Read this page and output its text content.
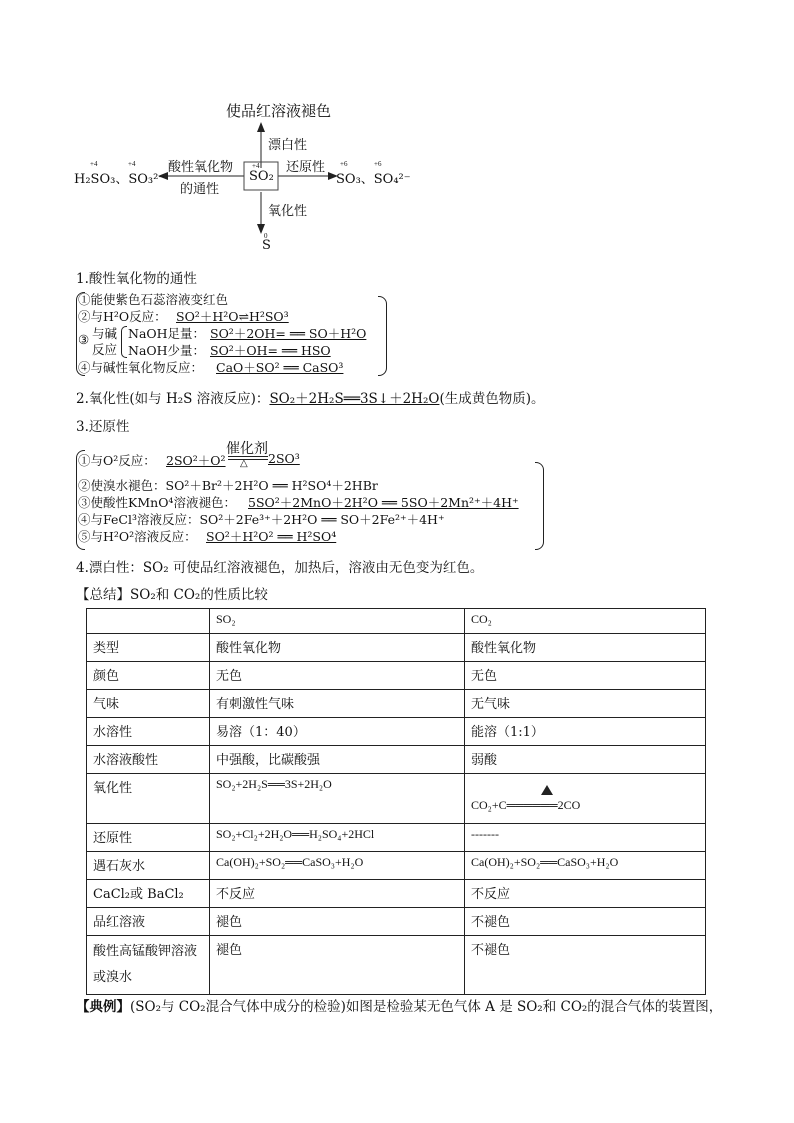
使品红溶液褪色
漂白性
+4	+4
H₂SO₃、SO₃²⁻
酸性氧化物
的通性
+4
SO₂
还原性 +6	+6
SO₃、SO₄²⁻
氧化性
0
S
1.酸性氧化物的通性
①能使紫色石蕊溶液变红色
②与H²O反应： SO²＋H²O⇌H²SO³
③ 与碱
反应
NaOH足量： SO²＋2OH= ══ SO＋H²O
NaOH少量： SO²＋OH= ══ HSO
④与碱性氧化物反应： CaO＋SO² ══ CaSO³
2.氧化性(如与 H₂S 溶液反应)：SO₂＋2H₂S══3S↓＋2H₂O(生成黄色物质)。
3.还原性
催化剂
①与O²反应： 2SO²＋O² △ 2SO³
②使溴水褪色：SO²＋Br²＋2H²O ══ H²SO⁴＋2HBr
③使酸性KMnO⁴溶液褪色： 5SO²＋2MnO＋2H²O ══ 5SO＋2Mn²⁺＋4H⁺
④与FeCl³溶液反应：SO²＋2Fe³⁺＋2H²O ══ SO＋2Fe²⁺＋4H⁺
⑤与H²O²溶液反应： SO²＋H²O² ══ H²SO⁴
4.漂白性：SO₂ 可使品红溶液褪色，加热后，溶液由无色变为红色。
【总结】SO₂和 CO₂的性质比较
	SO₂	CO₂
类型	酸性氧化物	酸性氧化物
颜色	无色	无色
气味	有刺激性气味	无气味
水溶性	易溶（1：40）	能溶（1:1）
水溶液酸性	中强酸，比碳酸强	弱酸
氧化性	SO₂+2H₂S══3S+2H₂O	CO₂+C══════2CO
还原性	SO₂+Cl₂+2H₂O══H₂SO₄+2HCl	-------
遇石灰水	Ca(OH)₂+SO₂══CaSO₃+H₂O	Ca(OH)₂+SO₂══CaSO₃+H₂O
CaCl₂或 BaCl₂	不反应	不反应
品红溶液	褪色	不褪色
酸性高锰酸钾溶液或溴水	褪色	不褪色
【典例】(SO₂与 CO₂混合气体中成分的检验)如图是检验某无色气体 A 是 SO₂和 CO₂的混合气体的装置图，
